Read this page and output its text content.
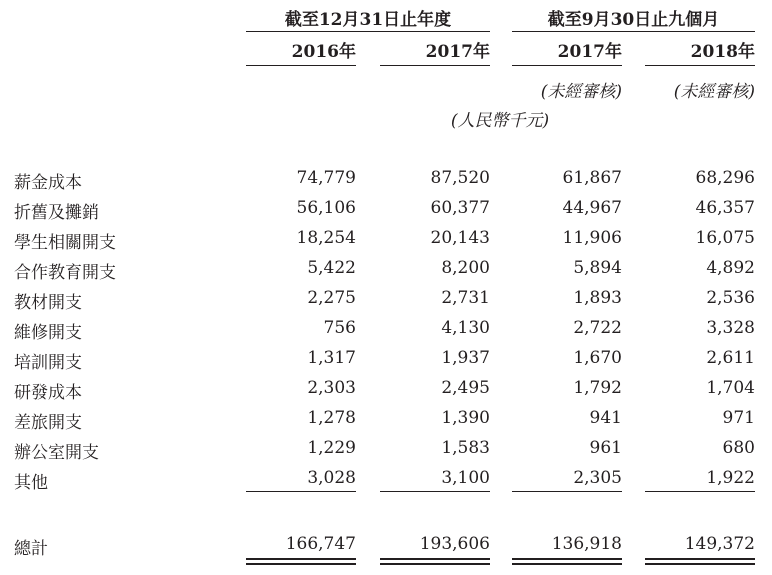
截至12月31日止年度	截至9月30日止九個月
2016年	2017年	2017年	2018年
(未經審核)	(未經審核)
(人民幣千元)
薪金成本	74,779	87,520	61,867	68,296
折舊及攤銷	56,106	60,377	44,967	46,357
學生相關開支	18,254	20,143	11,906	16,075
合作教育開支	5,422	8,200	5,894	4,892
教材開支	2,275	2,731	1,893	2,536
維修開支	756	4,130	2,722	3,328
培訓開支	1,317	1,937	1,670	2,611
研發成本	2,303	2,495	1,792	1,704
差旅開支	1,278	1,390	941	971
辦公室開支	1,229	1,583	961	680
其他	3,028	3,100	2,305	1,922
總計	166,747	193,606	136,918	149,372
